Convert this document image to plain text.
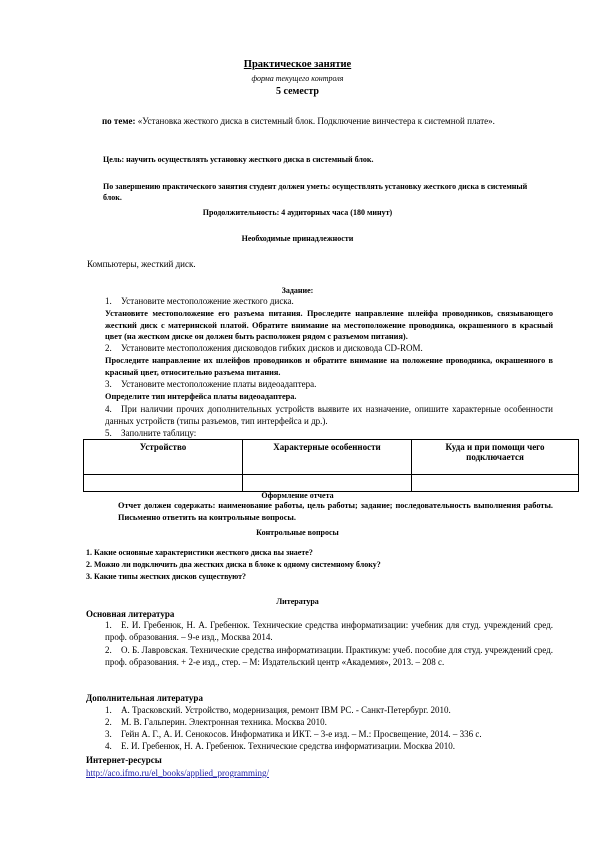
Практическое занятие
форма текущего контроля
5 семестр
по теме: «Установка жесткого диска в системный блок. Подключение винчестера к системной плате».
Цель: научить осуществлять установку жесткого диска в системный блок.
По завершению практического занятия студент должен уметь: осуществлять установку жесткого диска в системный блок.
Продолжительность: 4 аудиторных часа (180 минут)
Необходимые принадлежности
Компьютеры, жесткий диск.
Задание:
1. Установите местоположение жесткого диска.
Установите местоположение его разъема питания. Проследите направление шлейфа проводников, связывающего жесткий диск с материнской платой. Обратите внимание на местоположение проводника, окрашенного в красный цвет (на жестком диске он должен быть расположен рядом с разъемом питания).
2. Установите местоположения дисководов гибких дисков и дисковода CD-ROM.
Проследите направление их шлейфов проводников и обратите внимание на положение проводника, окрашенного в красный цвет, относительно разъема питания.
3. Установите местоположение платы видеоадаптера.
Определите тип интерфейса платы видеоадаптера.
4. При наличии прочих дополнительных устройств выявите их назначение, опишите характерные особенности данных устройств (типы разъемов, тип интерфейса и др.).
5. Заполните таблицу:
Устройство	Характерные особенности	Куда и при помощи чего подключается

Оформление отчета
Отчет должен содержать: наименование работы, цель работы; задание; последовательность выполнения работы. Письменно ответить на контрольные вопросы.
Контрольные вопросы
1. Какие основные характеристики жесткого диска вы знаете?
2. Можно ли подключить два жестких диска в блоке к одному системному блоку?
3. Какие типы жестких дисков существуют?
Литература
Основная литература
1. Е. И. Гребенюк, Н. А. Гребенюк. Технические средства информатизации: учебник для студ. учреждений сред. проф. образования. – 9-е изд., Москва 2014.
2. О. Б. Лавровская. Технические средства информатизации. Практикум: учеб. пособие для студ. учреждений сред. проф. образования. + 2-е изд., стер. – М: Издательский центр «Академия», 2013. – 208 с.
Дополнительная литература
1. А. Трасковский. Устройство, модернизация, ремонт IBM PC. - Санкт-Петербург. 2010.
2. М. В. Гальперин. Электронная техника. Москва 2010.
3. Гейн А. Г., А. И. Сенокосов. Информатика и ИКТ. – 3-е изд. – М.: Просвещение, 2014. – 336 с.
4. Е. И. Гребенюк, Н. А. Гребенюк. Технические средства информатизации. Москва 2010.
Интернет-ресурсы
http://aco.ifmo.ru/el_books/applied_programming/
